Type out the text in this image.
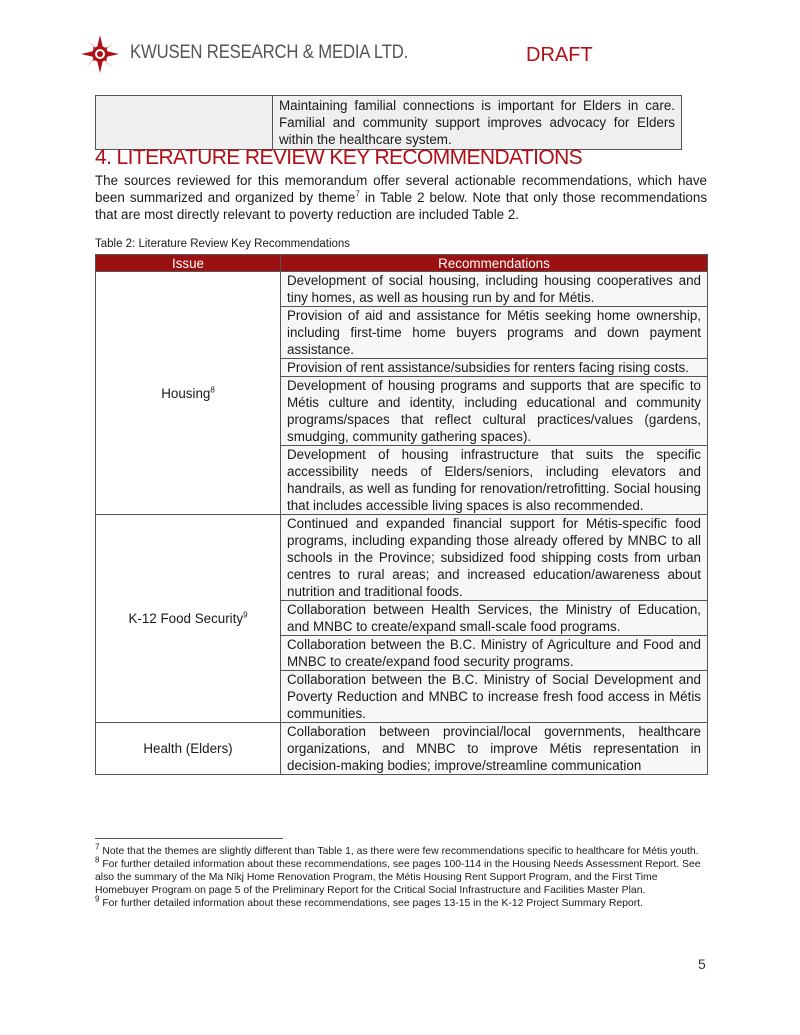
KWUSEN RESEARCH & MEDIA LTD.	DRAFT
	Maintaining familial connections is important for Elders in care. Familial and community support improves advocacy for Elders within the healthcare system.
4. LITERATURE REVIEW KEY RECOMMENDATIONS
The sources reviewed for this memorandum offer several actionable recommendations, which have been summarized and organized by theme$^7$ in Table 2 below. Note that only those recommendations that are most directly relevant to poverty reduction are included Table 2.
Table 2: Literature Review Key Recommendations
Issue	Recommendations
Housing$^8$	Development of social housing, including housing cooperatives and tiny homes, as well as housing run by and for Métis.
	Provision of aid and assistance for Métis seeking home ownership, including first-time home buyers programs and down payment assistance.
	Provision of rent assistance/subsidies for renters facing rising costs.
	Development of housing programs and supports that are specific to Métis culture and identity, including educational and community programs/spaces that reflect cultural practices/values (gardens, smudging, community gathering spaces).
	Development of housing infrastructure that suits the specific accessibility needs of Elders/seniors, including elevators and handrails, as well as funding for renovation/retrofitting. Social housing that includes accessible living spaces is also recommended.
K-12 Food Security$^9$	Continued and expanded financial support for Métis-specific food programs, including expanding those already offered by MNBC to all schools in the Province; subsidized food shipping costs from urban centres to rural areas; and increased education/awareness about nutrition and traditional foods.
	Collaboration between Health Services, the Ministry of Education, and MNBC to create/expand small-scale food programs.
	Collaboration between the B.C. Ministry of Agriculture and Food and MNBC to create/expand food security programs.
	Collaboration between the B.C. Ministry of Social Development and Poverty Reduction and MNBC to increase fresh food access in Métis communities.
Health (Elders)	Collaboration between provincial/local governments, healthcare organizations, and MNBC to improve Métis representation in decision-making bodies; improve/streamline communication

$^7$ Note that the themes are slightly different than Table 1, as there were few recommendations specific to healthcare for Métis youth.

$^8$ For further detailed information about these recommendations, see pages 100-114 in the Housing Needs Assessment Report. See also the summary of the Ma Nīkj Home Renovation Program, the Métis Housing Rent Support Program, and the First Time Homebuyer Program on page 5 of the Preliminary Report for the Critical Social Infrastructure and Facilities Master Plan.

$^9$ For further detailed information about these recommendations, see pages 13-15 in the K-12 Project Summary Report.

5
